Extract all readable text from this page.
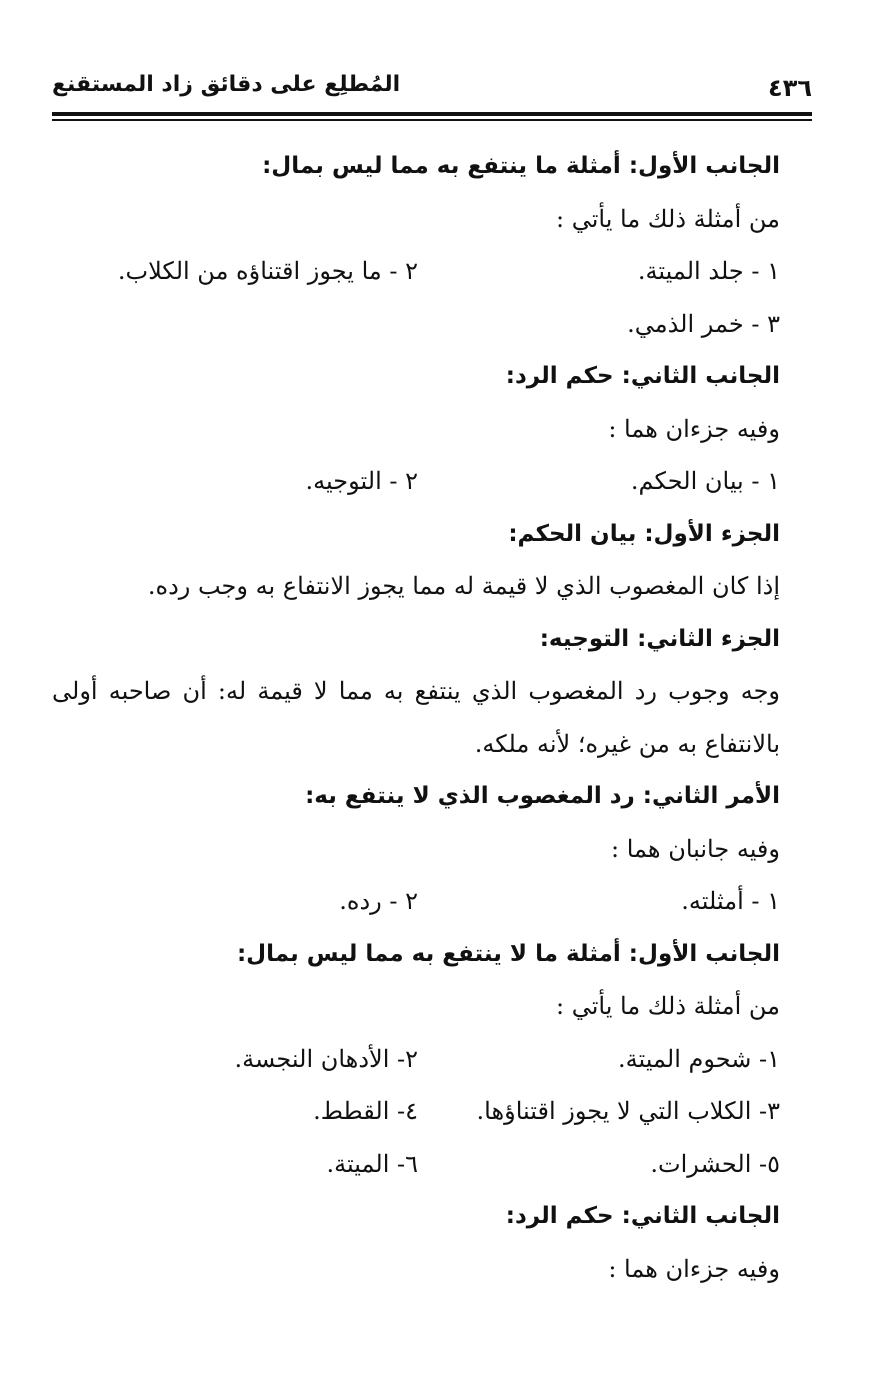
٤٣٦
المُطلِع على دقائق زاد المستقنع
الجانب الأول: أمثلة ما ينتفع به مما ليس بمال:
من أمثلة ذلك ما يأتي :
١ - جلد الميتة.
٢ - ما يجوز اقتناؤه من الكلاب.
٣ - خمر الذمي.
الجانب الثاني: حكم الرد:
وفيه جزءان هما :
١ - بيان الحكم.
٢ - التوجيه.
الجزء الأول: بيان الحكم:
إذا كان المغصوب الذي لا قيمة له مما يجوز الانتفاع به وجب رده.
الجزء الثاني: التوجيه:
وجه وجوب رد المغصوب الذي ينتفع به مما لا قيمة له: أن صاحبه أولى
بالانتفاع به من غيره؛ لأنه ملكه.
الأمر الثاني: رد المغصوب الذي لا ينتفع به:
وفيه جانبان هما :
١ - أمثلته.
٢ - رده.
الجانب الأول: أمثلة ما لا ينتفع به مما ليس بمال:
من أمثلة ذلك ما يأتي :
١- شحوم الميتة.
٢- الأدهان النجسة.
٣- الكلاب التي لا يجوز اقتناؤها.
٤- القطط.
٥- الحشرات.
٦- الميتة.
الجانب الثاني: حكم الرد:
وفيه جزءان هما :
